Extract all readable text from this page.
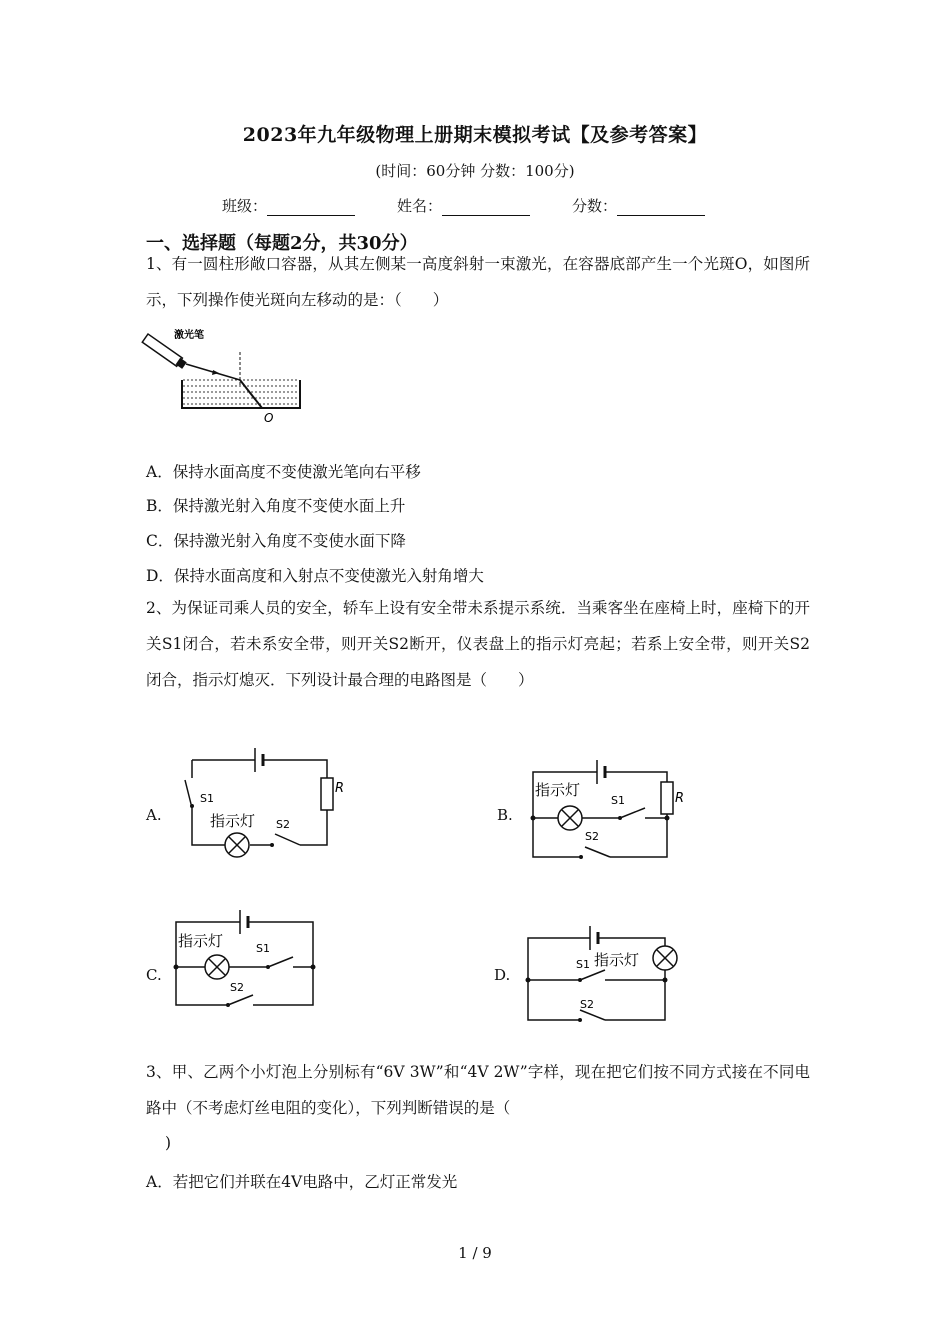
2023年九年级物理上册期末模拟考试【及参考答案】
(时间：60分钟 分数：100分)
班级：	姓名：	分数：
一、选择题（每题2分，共30分）
1、有一圆柱形敞口容器，从其左侧某一高度斜射一束激光，在容器底部产生一个光斑O，如图所示，下列操作使光斑向左移动的是：（　　）
激光笔
O
A．保持水面高度不变使激光笔向右平移
B．保持激光射入角度不变使水面上升
C．保持激光射入角度不变使水面下降
D．保持水面高度和入射点不变使激光入射角增大
2、为保证司乘人员的安全，轿车上设有安全带未系提示系统．当乘客坐在座椅上时，座椅下的开关S1闭合，若未系安全带，则开关S2断开，仪表盘上的指示灯亮起；若系上安全带，则开关S2闭合，指示灯熄灭．下列设计最合理的电路图是（　　）
A.
S1
R
指示灯 S2
B.
指示灯
S1
S2
R
C.
指示灯	S1
S2
D.
S1 指示灯
S2
3、甲、乙两个小灯泡上分别标有“6V 3W”和“4V 2W”字样，现在把它们按不同方式接在不同电路中（不考虑灯丝电阻的变化），下列判断错误的是（
)
A．若把它们并联在4V电路中，乙灯正常发光
1 / 9
